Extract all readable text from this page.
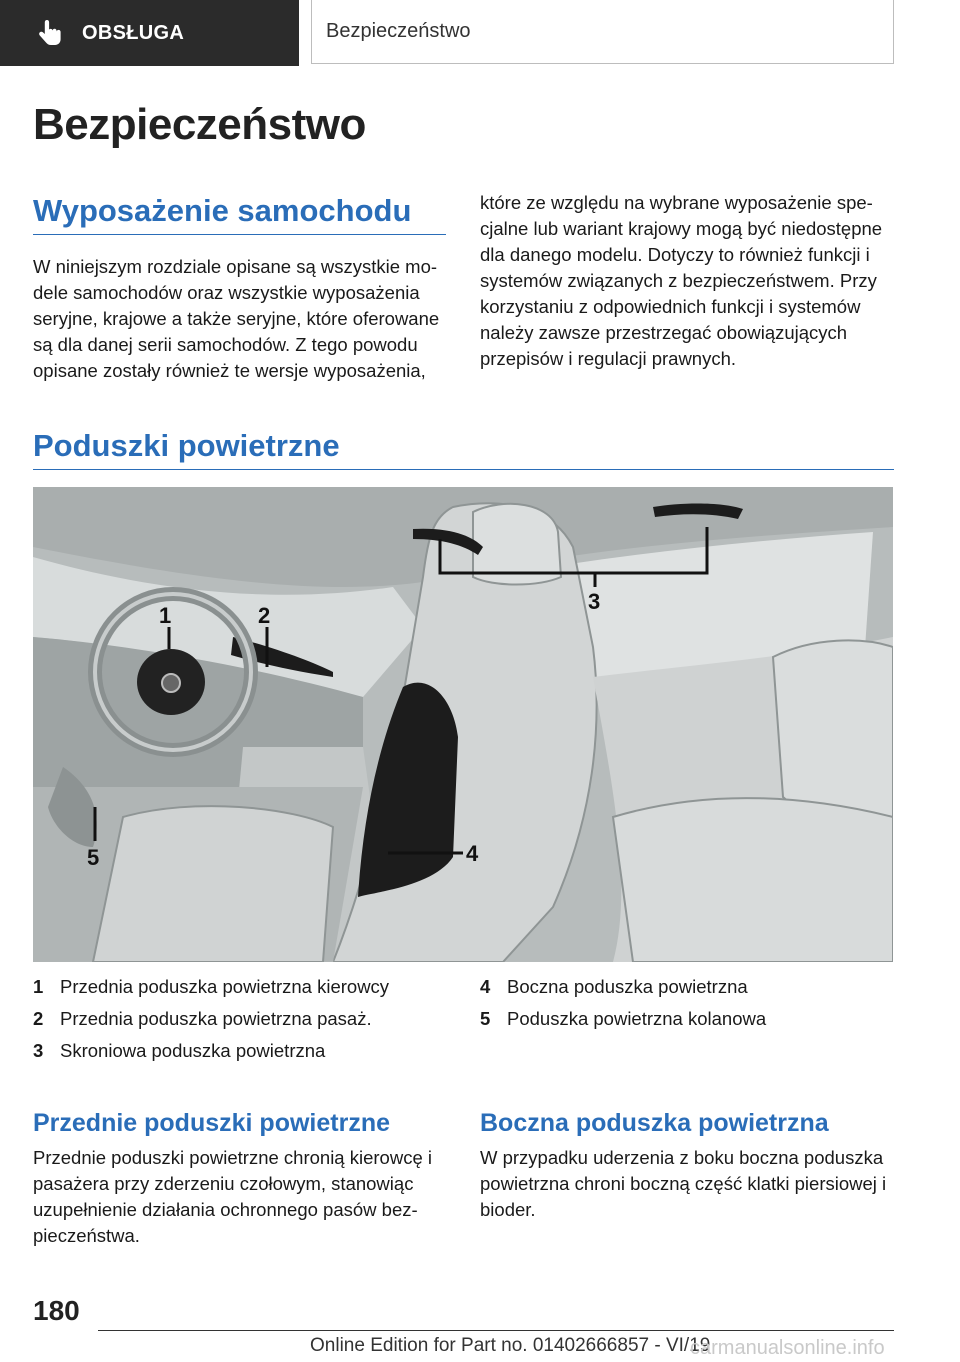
OBSŁUGA	Bezpieczeństwo
Bezpieczeństwo
Wyposażenie samochodu

W niniejszym rozdziale opisane są wszystkie modele samochodów oraz wszystkie wyposażenia seryjne, krajowe a także seryjne, które oferowane są dla danej serii samochodów. Z tego powodu opisane zostały również te wersje wyposażenia,

które ze względu na wybrane wyposażenie specjalne lub wariant krajowy mogą być niedostępne dla danego modelu. Dotyczy to również funkcji i systemów związanych z bezpieczeństwem. Przy korzystaniu z odpowiednich funkcji i systemów należy zawsze przestrzegać obowiązujących przepisów i regulacji prawnych.

Poduszki powietrzne
1	2
3
4
5
1 Przednia poduszka powietrzna kierowcy
2 Przednia poduszka powietrzna pasaż.
3 Skroniowa poduszka powietrzna
4 Boczna poduszka powietrzna
5 Poduszka powietrzna kolanowa
Przednie poduszki powietrzne

Przednie poduszki powietrzne chronią kierowcę i pasażera przy zderzeniu czołowym, stanowiąc uzupełnienie działania ochronnego pasów bezpieczeństwa.

Boczna poduszka powietrzna

W przypadku uderzenia z boku boczna poduszka powietrzna chroni boczną część klatki piersiowej i bioder.

180
Online Edition for Part no. 01402666857 - VI/19
carmanualsonline.info
